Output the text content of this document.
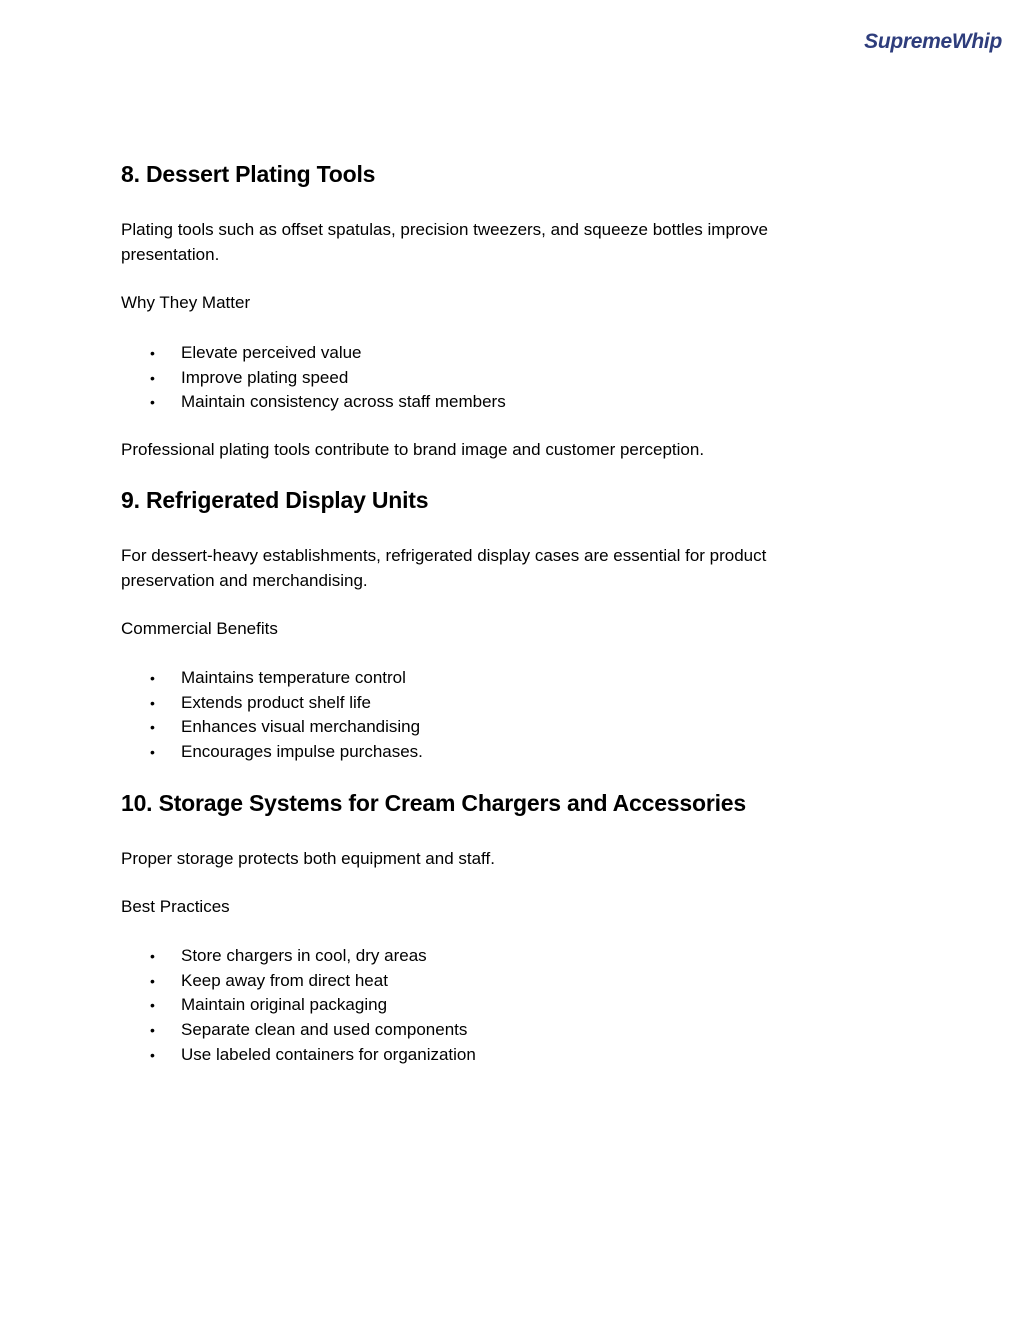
SupremeWhip
8. Dessert Plating Tools

Plating tools such as offset spatulas, precision tweezers, and squeeze bottles improve presentation.

Why They Matter

• Elevate perceived value
• Improve plating speed
• Maintain consistency across staff members

Professional plating tools contribute to brand image and customer perception.

9. Refrigerated Display Units

For dessert-heavy establishments, refrigerated display cases are essential for product preservation and merchandising.

Commercial Benefits

• Maintains temperature control
• Extends product shelf life
• Enhances visual merchandising
• Encourages impulse purchases.
10. Storage Systems for Cream Chargers and Accessories

Proper storage protects both equipment and staff.

Best Practices

• Store chargers in cool, dry areas
• Keep away from direct heat
• Maintain original packaging
• Separate clean and used components
• Use labeled containers for organization
